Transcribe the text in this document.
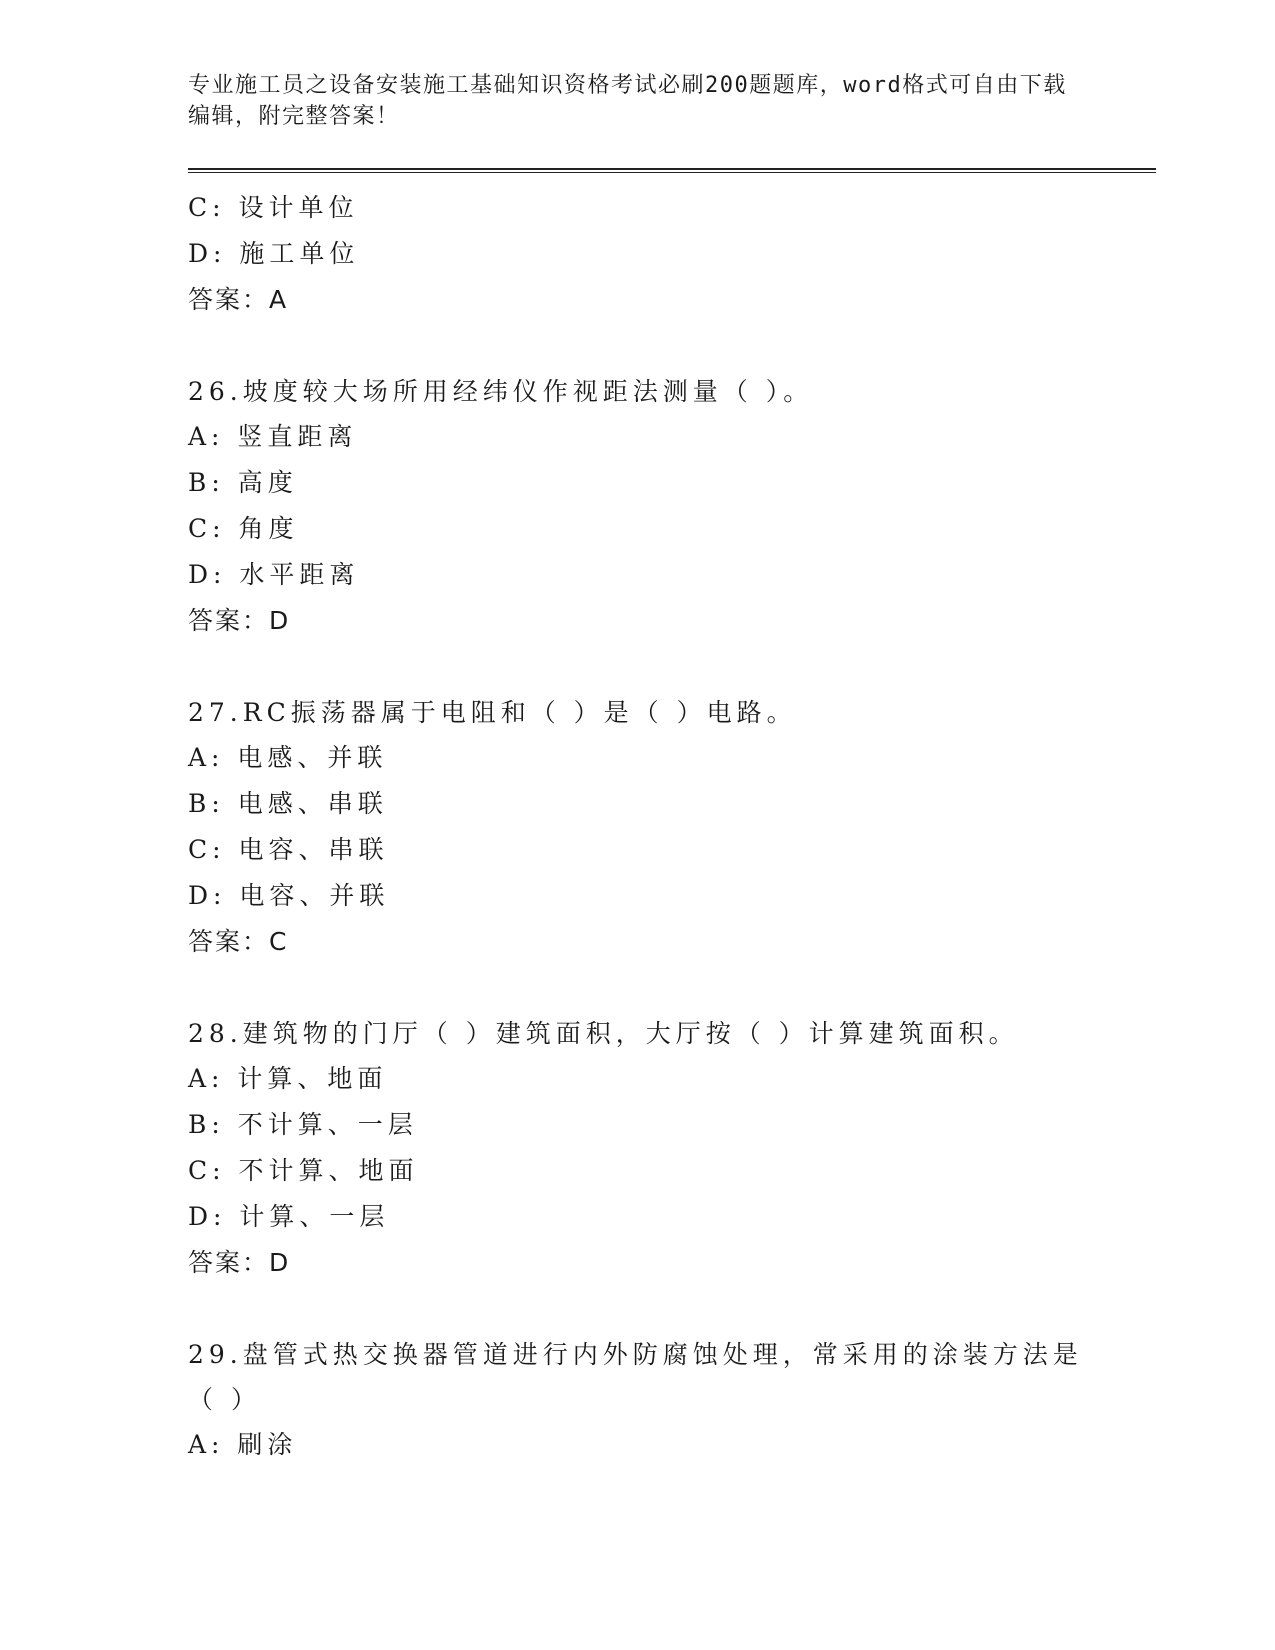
专业施工员之设备安装施工基础知识资格考试必刷200题题库，word格式可自由下载编辑，附完整答案！

C: 设计单位
D: 施工单位
答案：A
26.坡度较大场所用经纬仪作视距法测量（ ）。
A: 竖直距离
B: 高度
C: 角度
D: 水平距离
答案：D
27.RC振荡器属于电阻和（ ）是（ ）电路。
A: 电感、并联
B: 电感、串联
C: 电容、串联
D: 电容、并联
答案：C
28.建筑物的门厅（ ）建筑面积，大厅按（ ）计算建筑面积。
A: 计算、地面
B: 不计算、一层
C: 不计算、地面
D: 计算、一层
答案：D
29.盘管式热交换器管道进行内外防腐蚀处理，常采用的涂装方法是（ ）
A: 刷涂
